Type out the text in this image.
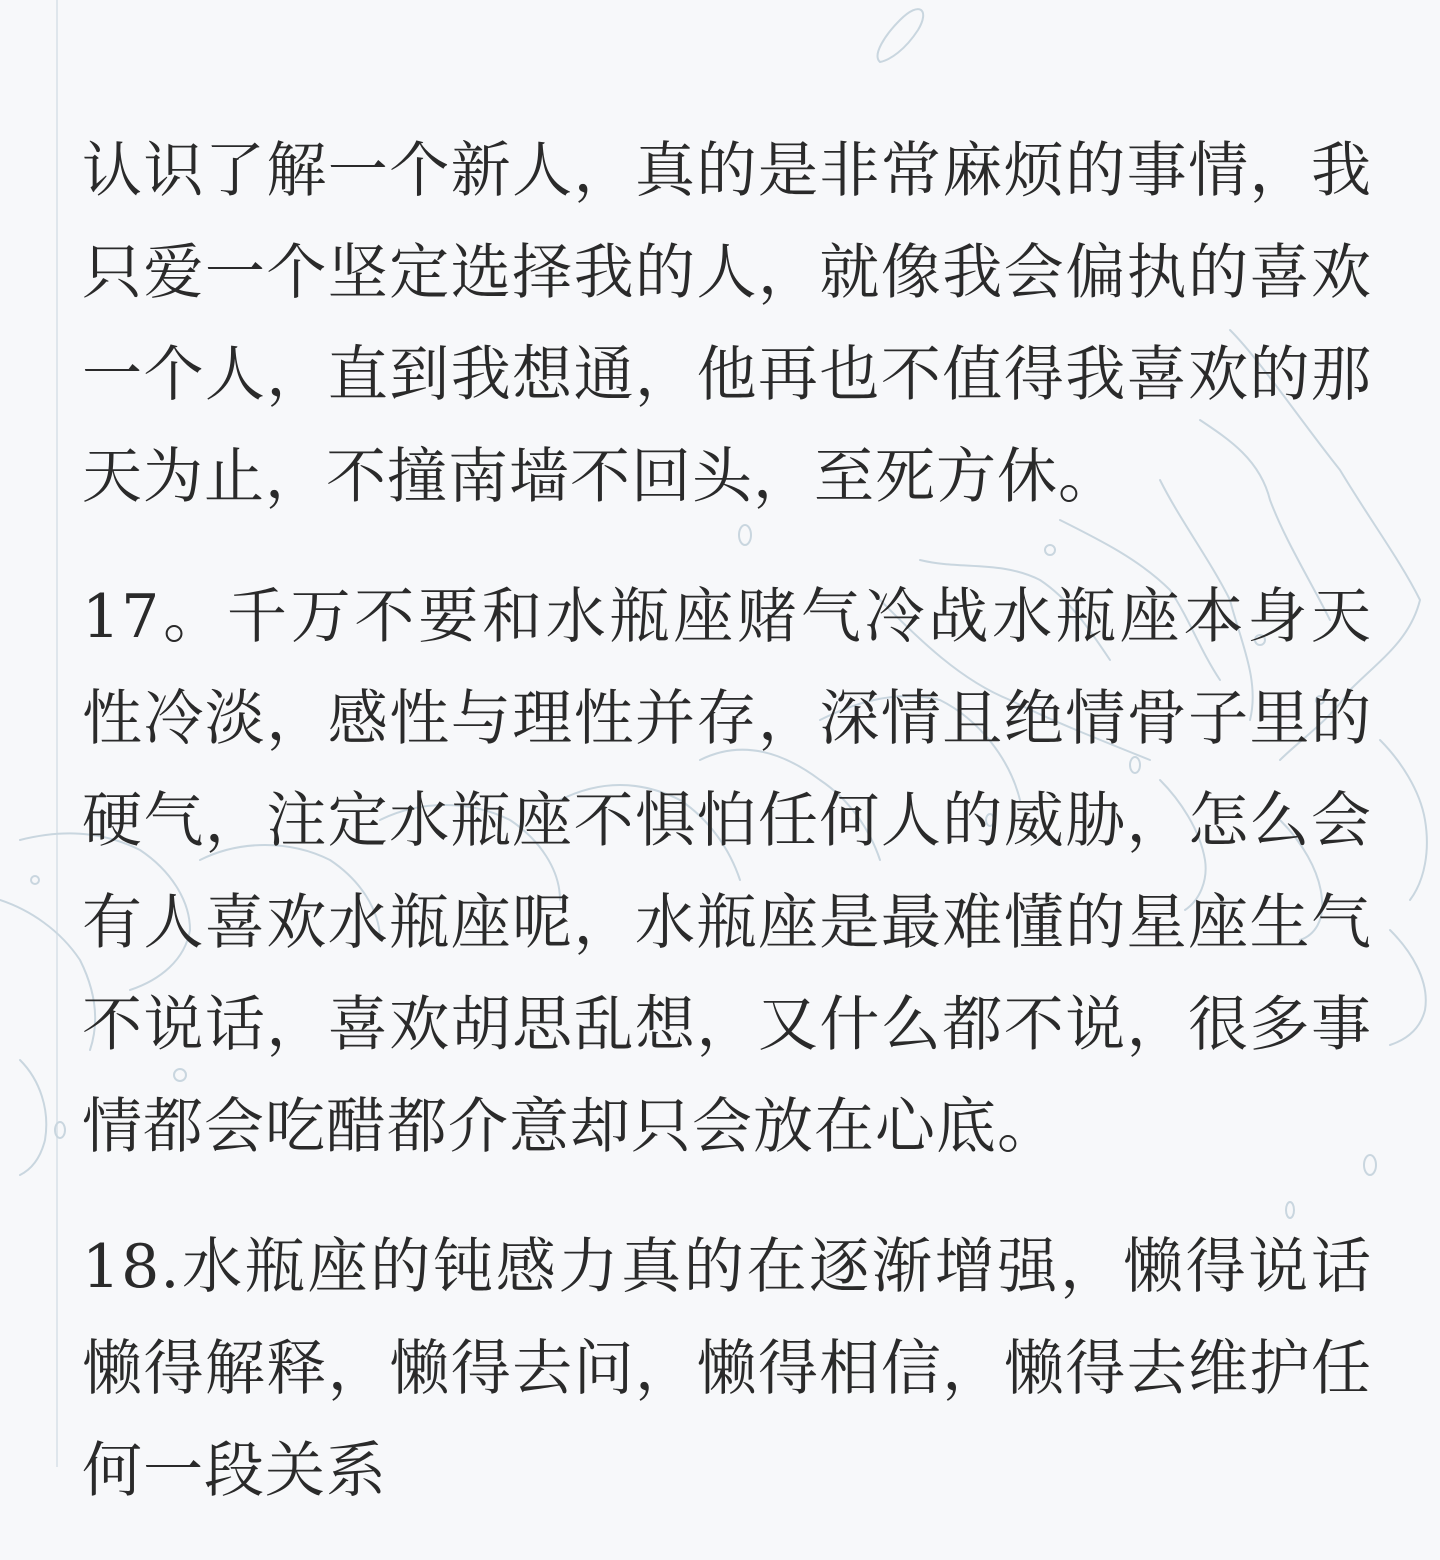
认识了解一个新人，真的是非常麻烦的事情，我只爱一个坚定选择我的人，就像我会偏执的喜欢一个人，直到我想通，他再也不值得我喜欢的那天为止，不撞南墙不回头，至死方休。

17。千万不要和水瓶座赌气冷战水瓶座本身天性冷淡，感性与理性并存，深情且绝情骨子里的硬气，注定水瓶座不惧怕任何人的威胁，怎么会有人喜欢水瓶座呢，水瓶座是最难懂的星座生气不说话，喜欢胡思乱想，又什么都不说，很多事情都会吃醋都介意却只会放在心底。

18.水瓶座的钝感力真的在逐渐增强，懒得说话懒得解释，懒得去问，懒得相信，懒得去维护任何一段关系
